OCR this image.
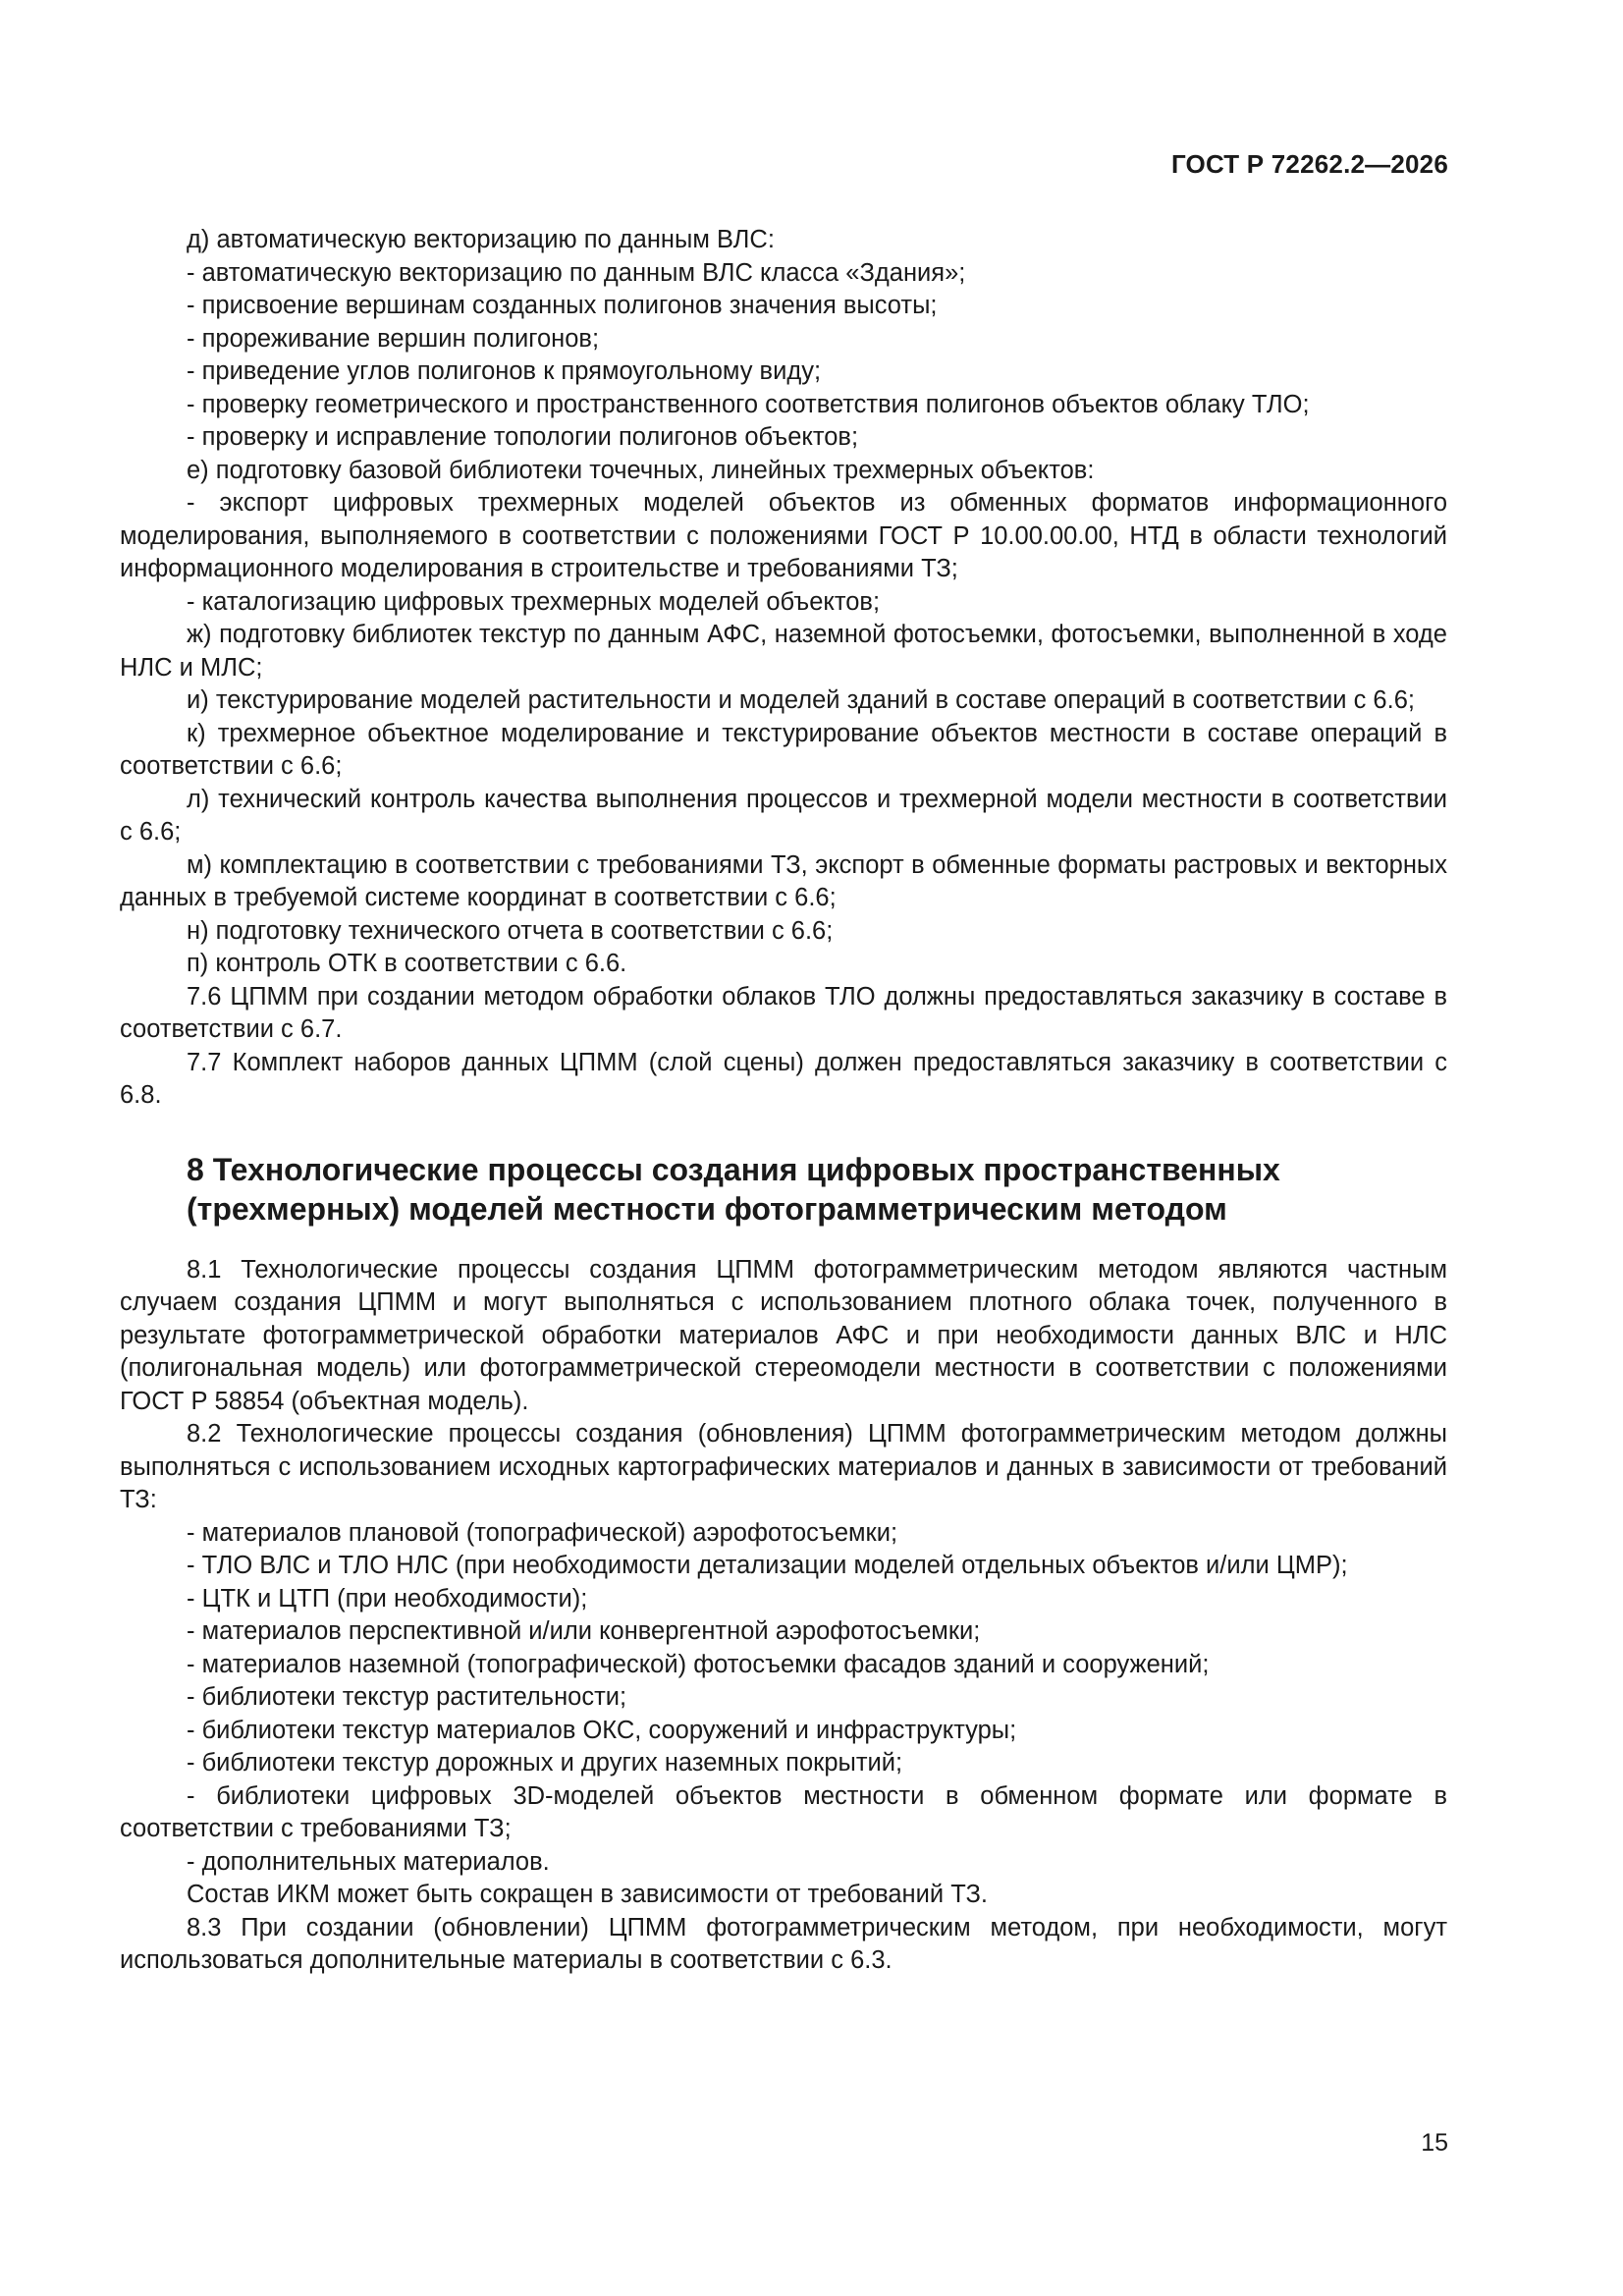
ГОСТ Р 72262.2—2026

д) автоматическую векторизацию по данным ВЛС:

- автоматическую векторизацию по данным ВЛС класса «Здания»;

- присвоение вершинам созданных полигонов значения высоты;

- прореживание вершин полигонов;

- приведение углов полигонов к прямоугольному виду;

- проверку геометрического и пространственного соответствия полигонов объектов облаку ТЛО;

- проверку и исправление топологии полигонов объектов;

е) подготовку базовой библиотеки точечных, линейных трехмерных объектов:

- экспорт цифровых трехмерных моделей объектов из обменных форматов информационного моделирования, выполняемого в соответствии с положениями ГОСТ Р 10.00.00.00, НТД в области технологий информационного моделирования в строительстве и требованиями ТЗ;

- каталогизацию цифровых трехмерных моделей объектов;

ж) подготовку библиотек текстур по данным АФС, наземной фотосъемки, фотосъемки, выполненной в ходе НЛС и МЛС;

и) текстурирование моделей растительности и моделей зданий в составе операций в соответствии с 6.6;

к) трехмерное объектное моделирование и текстурирование объектов местности в составе операций в соответствии с 6.6;

л) технический контроль качества выполнения процессов и трехмерной модели местности в соответствии с 6.6;

м) комплектацию в соответствии с требованиями ТЗ, экспорт в обменные форматы растровых и векторных данных в требуемой системе координат в соответствии с 6.6;

н) подготовку технического отчета в соответствии с 6.6;

п) контроль ОТК в соответствии с 6.6.

7.6 ЦПММ при создании методом обработки облаков ТЛО должны предоставляться заказчику в составе в соответствии с 6.7.

7.7 Комплект наборов данных ЦПММ (слой сцены) должен предоставляться заказчику в соответствии с 6.8.

8 Технологические процессы создания цифровых пространственных (трехмерных) моделей местности фотограмметрическим методом

8.1 Технологические процессы создания ЦПММ фотограмметрическим методом являются частным случаем создания ЦПММ и могут выполняться с использованием плотного облака точек, полученного в результате фотограмметрической обработки материалов АФС и при необходимости данных ВЛС и НЛС (полигональная модель) или фотограмметрической стереомодели местности в соответствии с положениями ГОСТ Р 58854 (объектная модель).

8.2 Технологические процессы создания (обновления) ЦПММ фотограмметрическим методом должны выполняться с использованием исходных картографических материалов и данных в зависимости от требований ТЗ:

- материалов плановой (топографической) аэрофотосъемки;

- ТЛО ВЛС и ТЛО НЛС (при необходимости детализации моделей отдельных объектов и/или ЦМР);

- ЦТК и ЦТП (при необходимости);

- материалов перспективной и/или конвергентной аэрофотосъемки;

- материалов наземной (топографической) фотосъемки фасадов зданий и сооружений;

- библиотеки текстур растительности;

- библиотеки текстур материалов ОКС, сооружений и инфраструктуры;

- библиотеки текстур дорожных и других наземных покрытий;

- библиотеки цифровых 3D-моделей объектов местности в обменном формате или формате в соответствии с требованиями ТЗ;

- дополнительных материалов.

Состав ИКМ может быть сокращен в зависимости от требований ТЗ.

8.3 При создании (обновлении) ЦПММ фотограмметрическим методом, при необходимости, могут использоваться дополнительные материалы в соответствии с 6.3.

15
